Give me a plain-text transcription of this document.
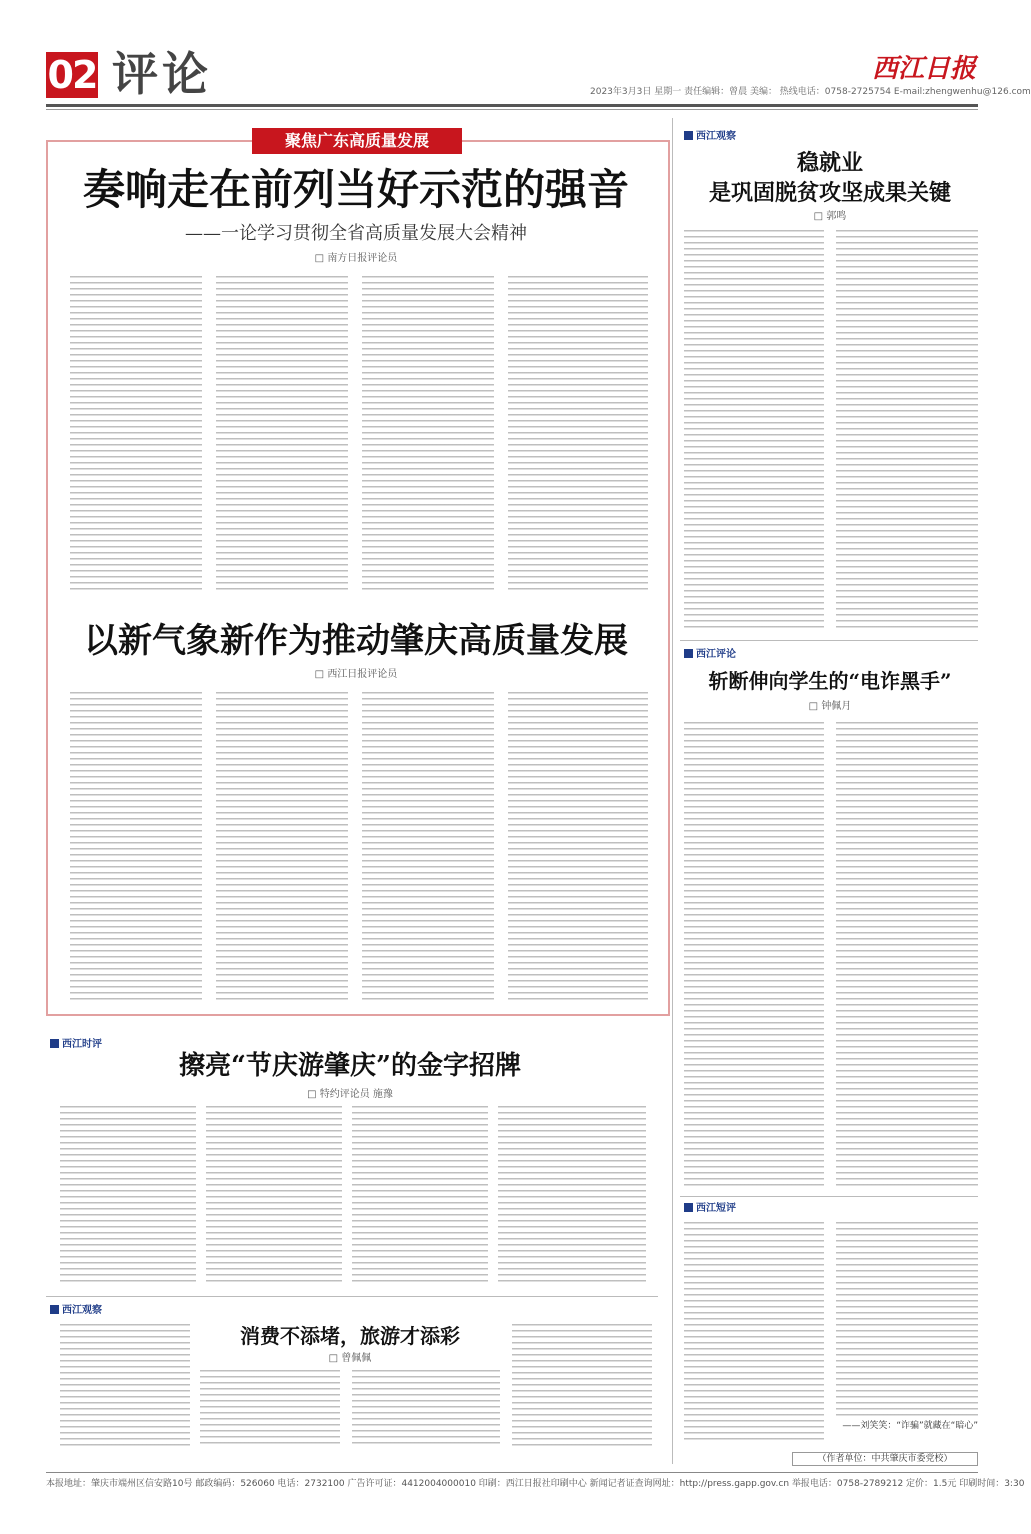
02 评论	西江日报
2023年3月3日 星期一 责任编辑：曾晨 美编： 热线电话：0758-2725754 E-mail:zhengwenhu@126.com
聚焦广东高质量发展
奏响走在前列当好示范的强音
——一论学习贯彻全省高质量发展大会精神
□ 南方日报评论员
以新气象新作为推动肇庆高质量发展
□ 西江日报评论员
西江时评
擦亮“节庆游肇庆”的金字招牌
□ 特约评论员 施豫
西江观察
消费不添堵，旅游才添彩
□ 曾佩佩
西江观察
稳就业
是巩固脱贫攻坚成果关键
□ 郭鸣
西江评论
斩断伸向学生的“电诈黑手”
□ 钟佩月
西江短评
——刘笑笑：“诈骗”就藏在“暗心”
（作者单位：中共肇庆市委党校）
本报地址：肇庆市端州区信安路10号 邮政编码：526060 电话：2732100 广告许可证：4412004000010 印刷：西江日报社印刷中心 新闻记者证查询网址：http://press.gapp.gov.cn 举报电话：0758-2789212 定价：1.5元 印刷时间：3:30
